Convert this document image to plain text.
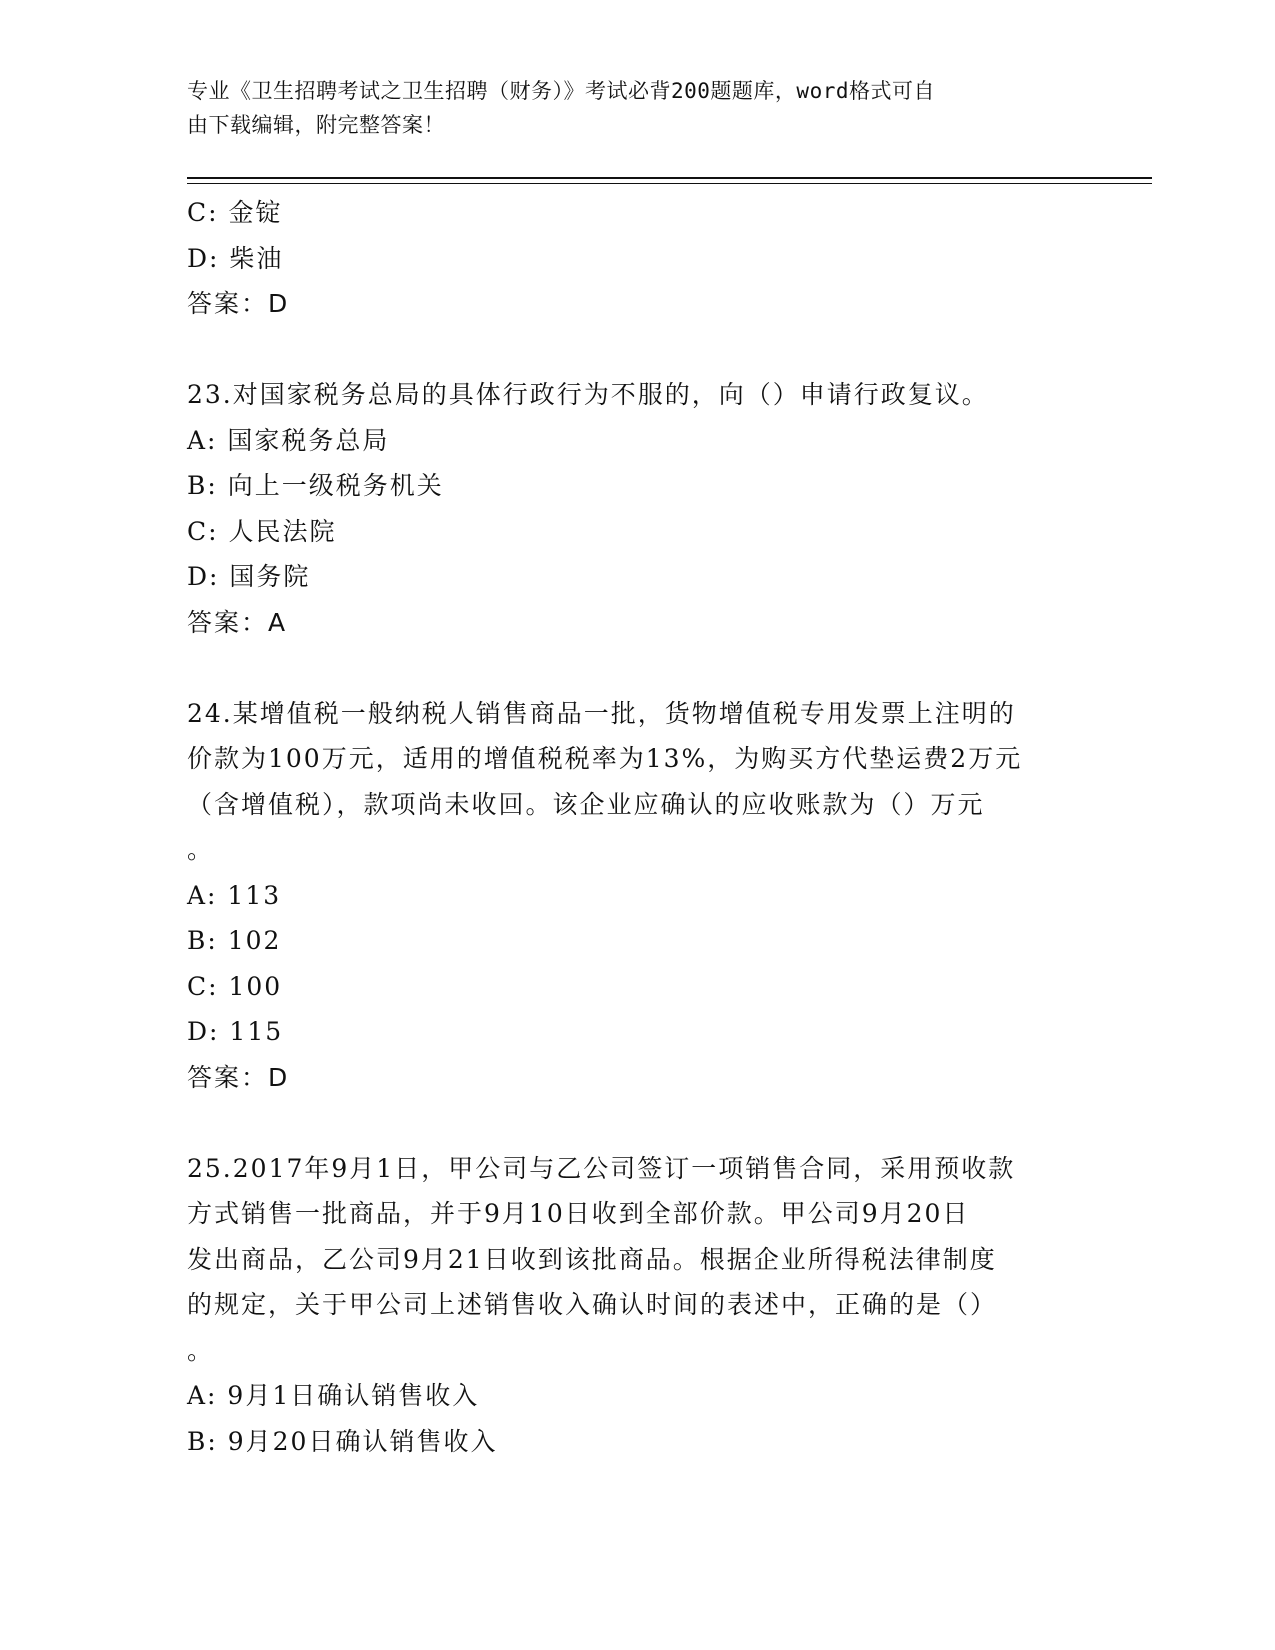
专业《卫生招聘考试之卫生招聘（财务）》考试必背200题题库，word格式可自
由下载编辑，附完整答案！
C: 金锭
D: 柴油
答案：D
23.对国家税务总局的具体行政行为不服的，向（）申请行政复议。
A: 国家税务总局
B: 向上一级税务机关
C: 人民法院
D: 国务院
答案：A
24.某增值税一般纳税人销售商品一批，货物增值税专用发票上注明的
价款为100万元，适用的增值税税率为13%，为购买方代垫运费2万元
（含增值税），款项尚未收回。该企业应确认的应收账款为（）万元
。
A: 113
B: 102
C: 100
D: 115
答案：D
25.2017年9月1日，甲公司与乙公司签订一项销售合同，采用预收款
方式销售一批商品，并于9月10日收到全部价款。甲公司9月20日
发出商品，乙公司9月21日收到该批商品。根据企业所得税法律制度
的规定，关于甲公司上述销售收入确认时间的表述中，正确的是（）
。
A: 9月1日确认销售收入
B: 9月20日确认销售收入
